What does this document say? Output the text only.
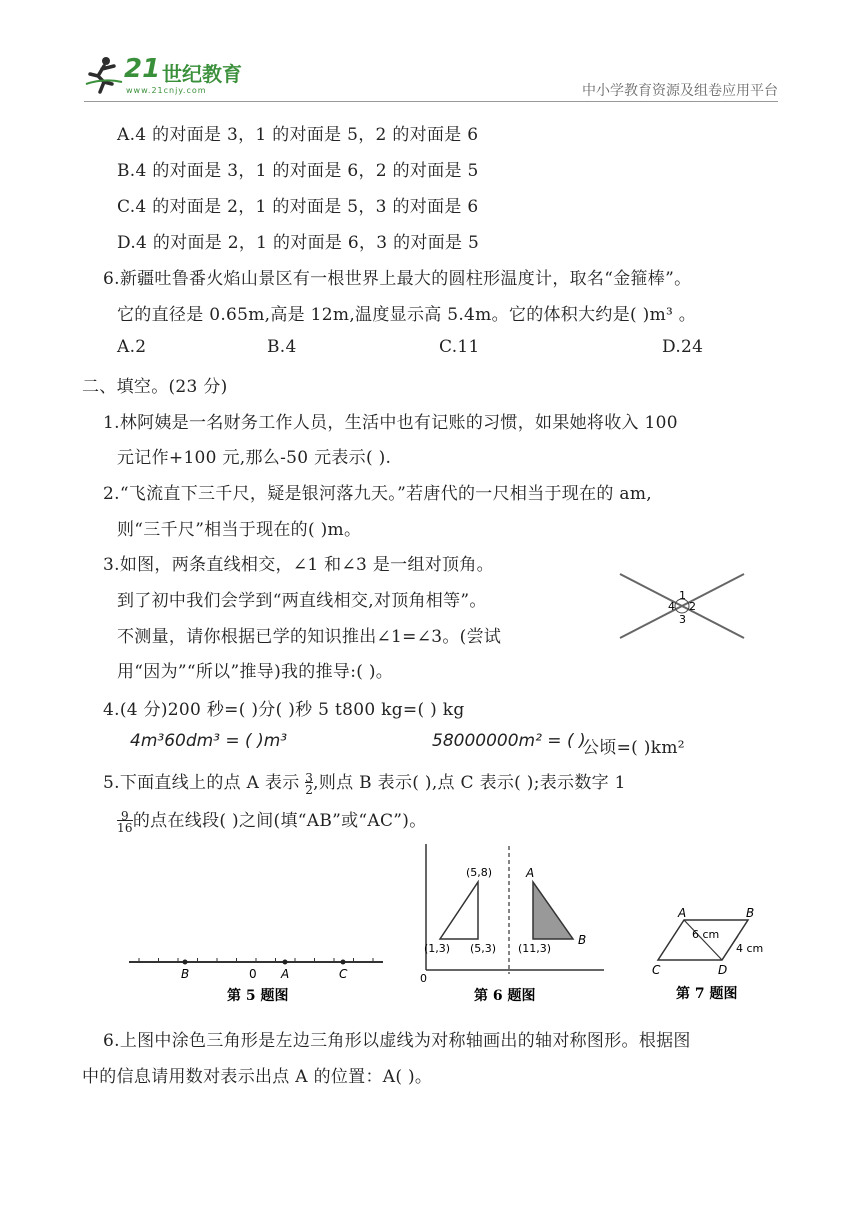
21 世纪教育
www.21cnjy.com	中小学教育资源及组卷应用平台
A.4 的对面是 3，1 的对面是 5，2 的对面是 6
B.4 的对面是 3，1 的对面是 6，2 的对面是 5
C.4 的对面是 2，1 的对面是 5，3 的对面是 6
D.4 的对面是 2，1 的对面是 6，3 的对面是 5
6.新疆吐鲁番火焰山景区有一根世界上最大的圆柱形温度计，取名“金箍棒”。
它的直径是 0.65m,高是 12m,温度显示高 5.4m。它的体积大约是( )m³ 。
A.2	B.4	C.11	D.24
二、填空。(23 分)
1.林阿姨是一名财务工作人员，生活中也有记账的习惯，如果她将收入 100
元记作+100 元,那么-50 元表示( ).
2.“飞流直下三千尺，疑是银河落九天。”若唐代的一尺相当于现在的 am,
则“三千尺”相当于现在的( )m。
3.如图，两条直线相交，∠1 和∠3 是一组对顶角。
到了初中我们会学到“两直线相交,对顶角相等”。
不测量，请你根据已学的知识推出∠1=∠3。(尝试
用“因为”“所以”推导)我的推导:( )。
1
2
3
4
4.(4 分)200 秒=( )分( )秒 5 t800 kg=( ) kg
4m³60dm³ = ( )m³	58000000m² = ( )
公顷=( )km²
5.下面直线上的点 A 表示 $\frac{3}{2}$,则点 B 表示( ),点 C 表示( );表示数字 1
$\frac{9}{16}$的点在线段( )之间(填“AB”或“AC”)。
B	0 A	C
第 5 题图
0
(5,8)
(1,3) (5,3) (11,3)
A
B
第 6 题图
A	B
C	D
6 cm
4 cm
第 7 题图
6.上图中涂色三角形是左边三角形以虚线为对称轴画出的轴对称图形。根据图
中的信息请用数对表示出点 A 的位置：A( )。
